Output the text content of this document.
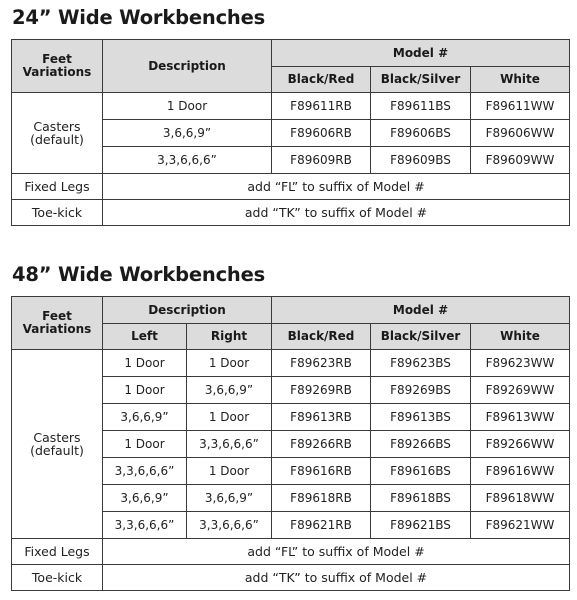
24” Wide Workbenches
Feet Variations	Description	Model #		
		Black/Red	Black/Silver	White
Casters (default)	1 Door	F89611RB	F89611BS	F89611WW
	3,6,6,9”	F89606RB	F89606BS	F89606WW
	3,3,6,6,6”	F89609RB	F89609BS	F89609WW
Fixed Legs	add “FL” to suffix of Model #			
Toe-kick	add “TK” to suffix of Model #			
48” Wide Workbenches
Feet Variations	Description		Model #		
	Left	Right	Black/Red	Black/Silver	White
Casters (default)	1 Door	1 Door	F89623RB	F89623BS	F89623WW
	1 Door	3,6,6,9”	F89269RB	F89269BS	F89269WW
	3,6,6,9”	1 Door	F89613RB	F89613BS	F89613WW
	1 Door	3,3,6,6,6”	F89266RB	F89266BS	F89266WW
	3,3,6,6,6”	1 Door	F89616RB	F89616BS	F89616WW
	3,6,6,9”	3,6,6,9”	F89618RB	F89618BS	F89618WW
	3,3,6,6,6”	3,3,6,6,6”	F89621RB	F89621BS	F89621WW
Fixed Legs	add “FL” to suffix of Model #				
Toe-kick	add “TK” to suffix of Model #				
